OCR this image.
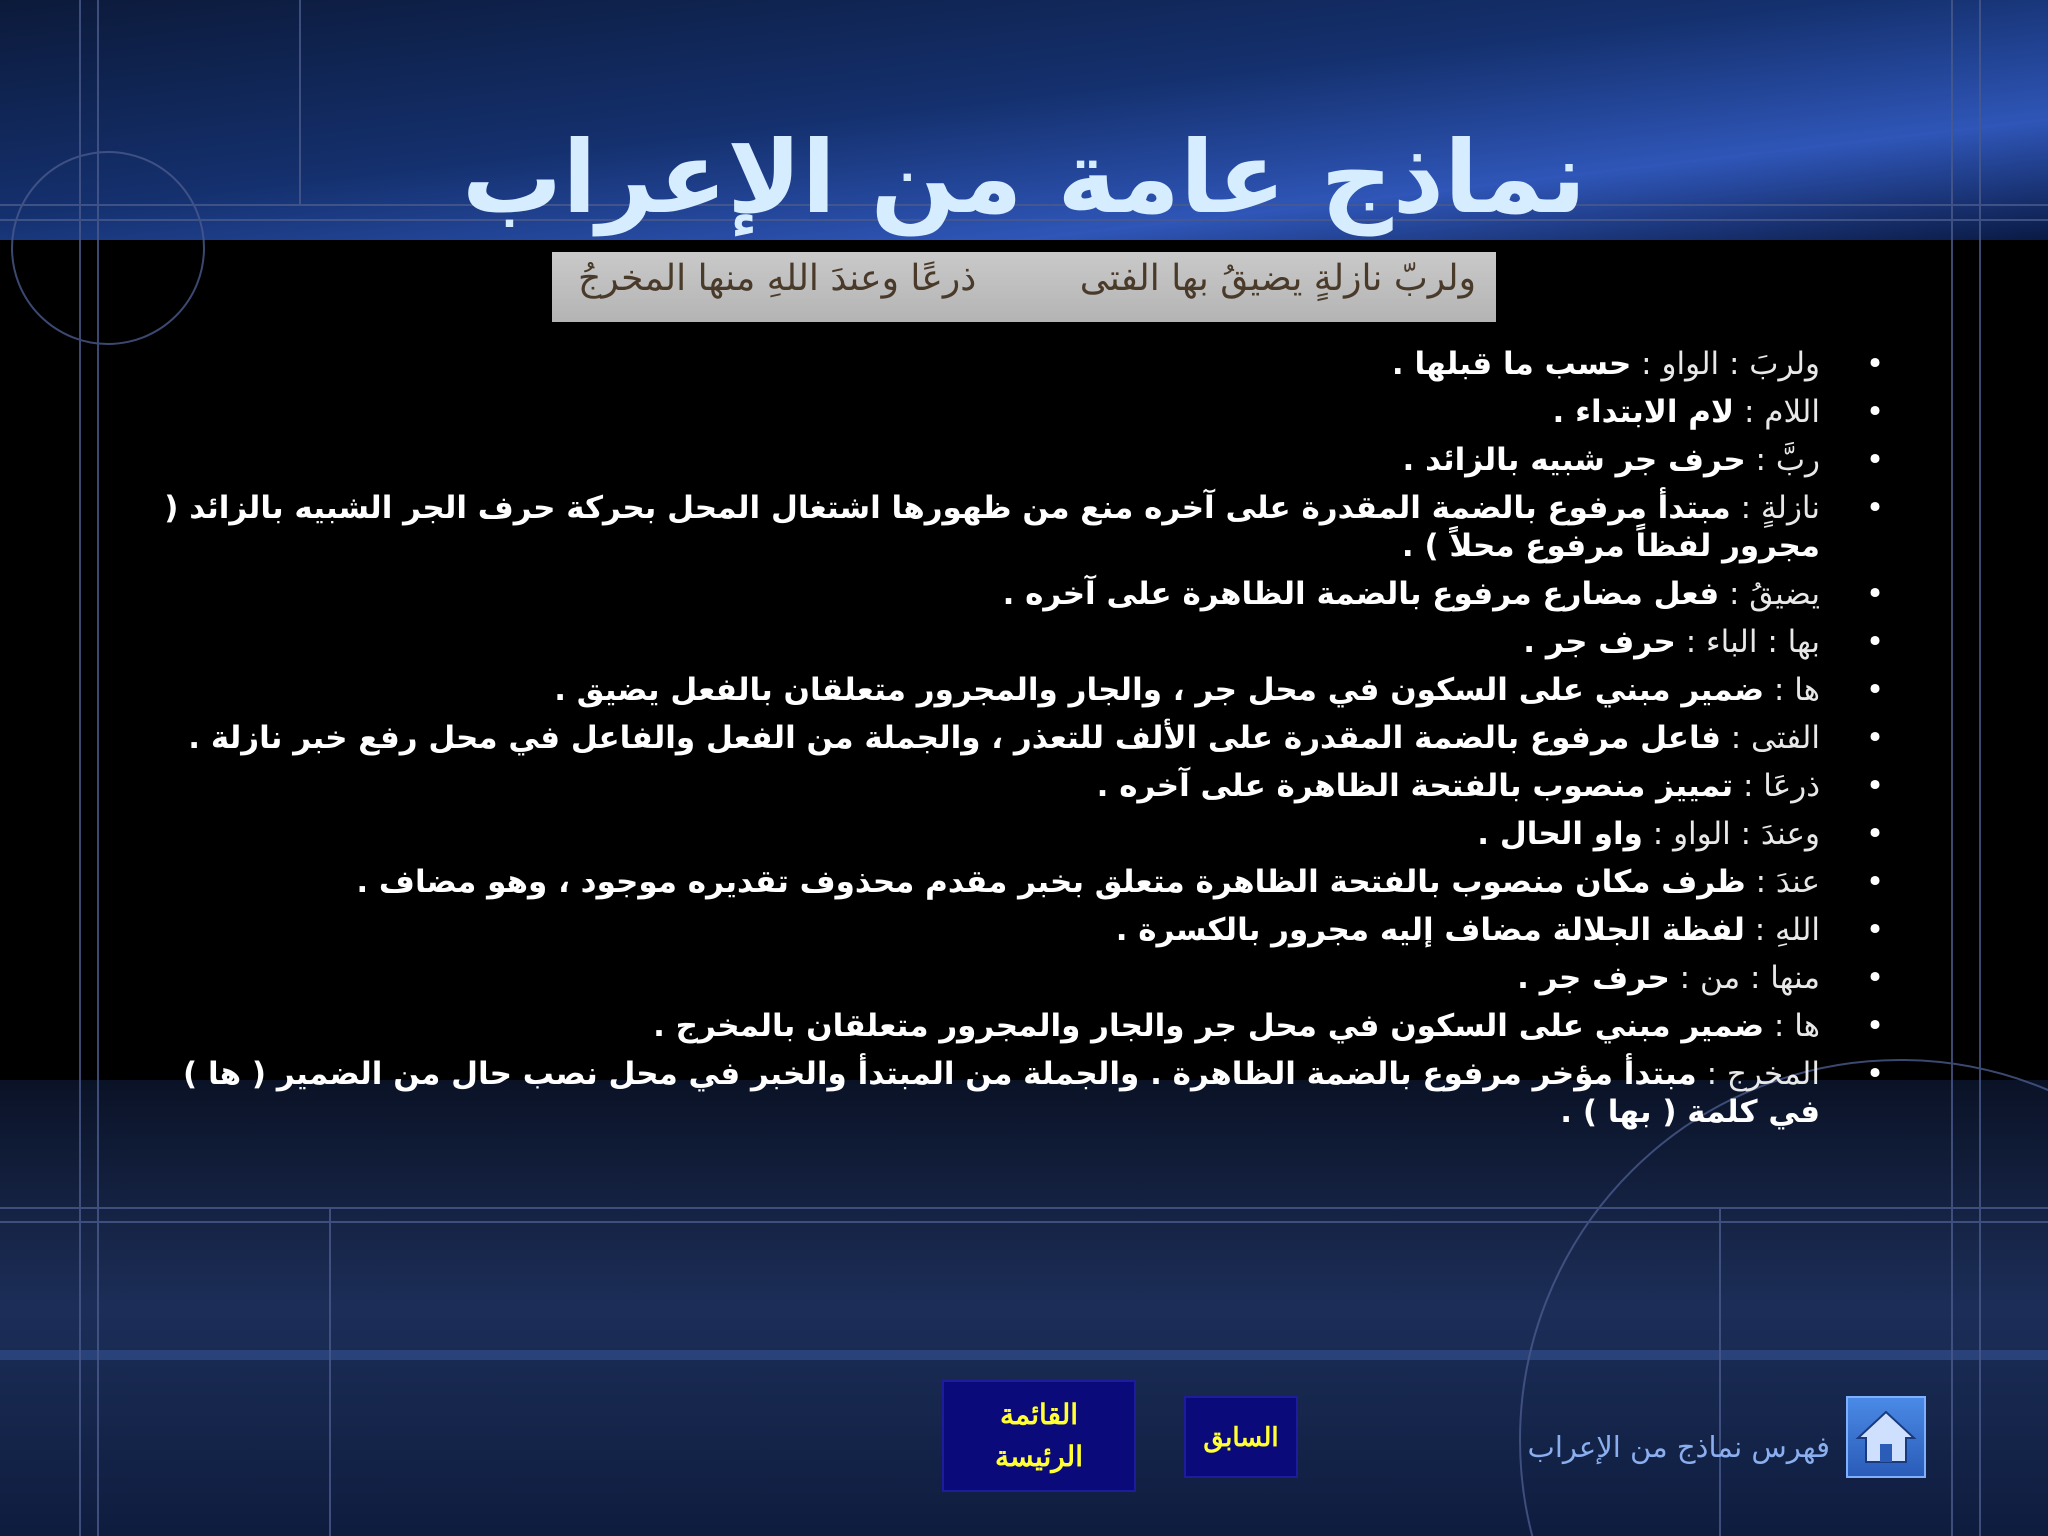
نماذج عامة من الإعراب
ولربّ نازلةٍ يضيقُ بها الفتى
ذرعًا وعندَ اللهِ منها المخرجُ
•
ولربَ : الواو : حسب ما قبلها .
•
اللام : لام الابتداء .
•
ربَّ : حرف جر شبيه بالزائد .
•
نازلةٍ : مبتدأ مرفوع بالضمة المقدرة على آخره منع من ظهورها اشتغال المحل بحركة حرف الجر الشبيه بالزائد ( مجرور لفظاً مرفوع محلاً ) .
•
يضيقُ : فعل مضارع مرفوع بالضمة الظاهرة على آخره .
•
بها : الباء : حرف جر .
•
ها : ضمير مبني على السكون في محل جر ، والجار والمجرور متعلقان بالفعل يضيق .
•
الفتى : فاعل مرفوع بالضمة المقدرة على الألف للتعذر ، والجملة من الفعل والفاعل في محل رفع خبر نازلة .
•
ذرعَا : تمييز منصوب بالفتحة الظاهرة على آخره .
•
وعندَ : الواو : واو الحال .
•
عندَ : ظرف مكان منصوب بالفتحة الظاهرة متعلق بخبر مقدم محذوف تقديره موجود ، وهو مضاف .
•
اللهِ : لفظة الجلالة مضاف إليه مجرور بالكسرة .
•
منها : من : حرف جر .
•
ها : ضمير مبني على السكون في محل جر والجار والمجرور متعلقان بالمخرج .
•
المخرج : مبتدأ مؤخر مرفوع بالضمة الظاهرة . والجملة من المبتدأ والخبر في محل نصب حال من الضمير ( ها ) في كلمة ( بها ) .
القائمة
الرئيسة
السابق	فهرس نماذج من الإعراب
